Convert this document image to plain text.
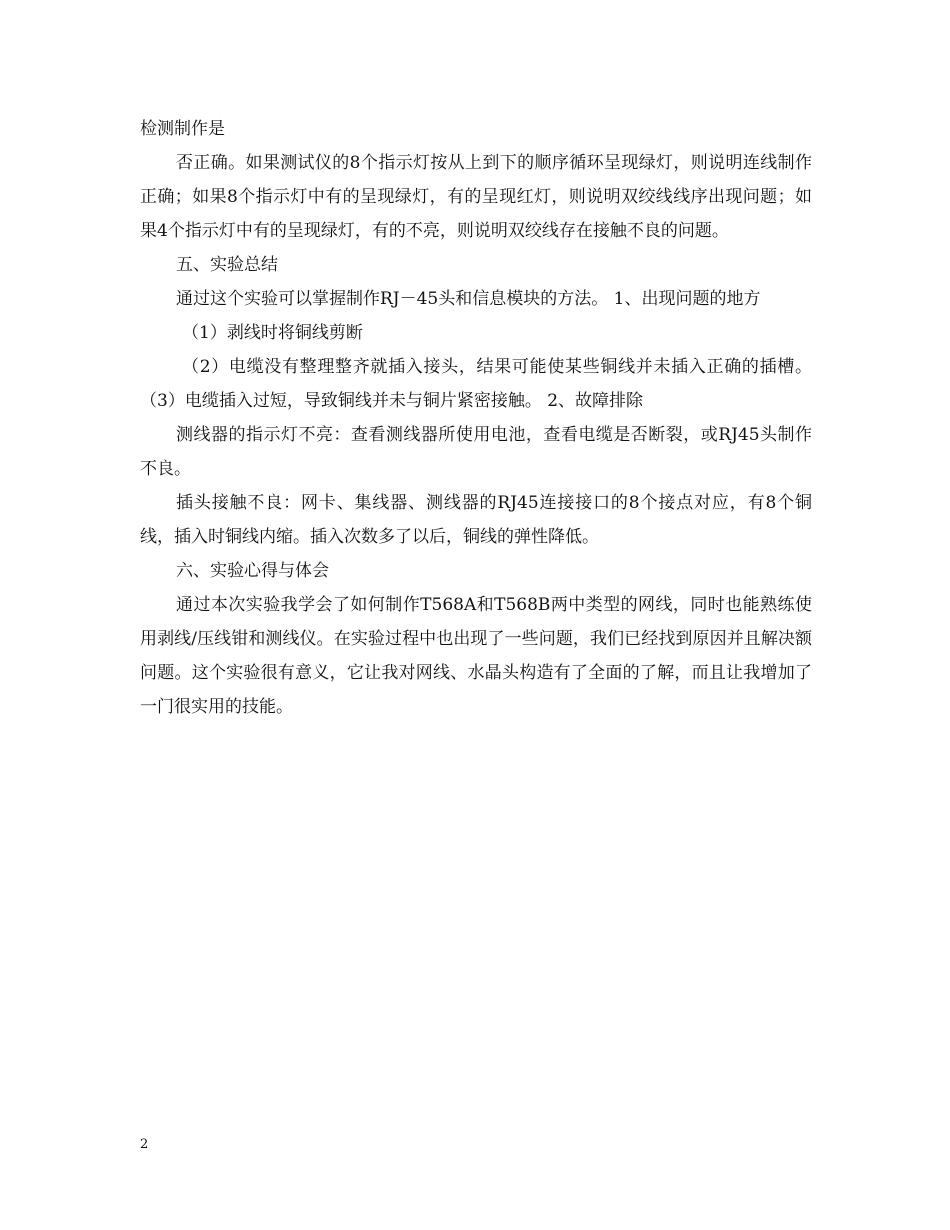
检测制作是

否正确。如果测试仪的8个指示灯按从上到下的顺序循环呈现绿灯，则说明连线制作正确；如果8个指示灯中有的呈现绿灯，有的呈现红灯，则说明双绞线线序出现问题；如果4个指示灯中有的呈现绿灯，有的不亮，则说明双绞线存在接触不良的问题。

五、实验总结

通过这个实验可以掌握制作RJ－45头和信息模块的方法。 1、出现问题的地方

（1）剥线时将铜线剪断

（2）电缆没有整理整齐就插入接头，结果可能使某些铜线并未插入正确的插槽。 （3）电缆插入过短，导致铜线并未与铜片紧密接触。 2、故障排除

测线器的指示灯不亮：查看测线器所使用电池，查看电缆是否断裂，或RJ45头制作不良。

插头接触不良：网卡、集线器、测线器的RJ45连接接口的8个接点对应，有8个铜线，插入时铜线内缩。插入次数多了以后，铜线的弹性降低。

六、实验心得与体会

通过本次实验我学会了如何制作T568A和T568B两中类型的网线，同时也能熟练使用剥线/压线钳和测线仪。在实验过程中也出现了一些问题，我们已经找到原因并且解决额问题。这个实验很有意义，它让我对网线、水晶头构造有了全面的了解，而且让我增加了一门很实用的技能。

2
